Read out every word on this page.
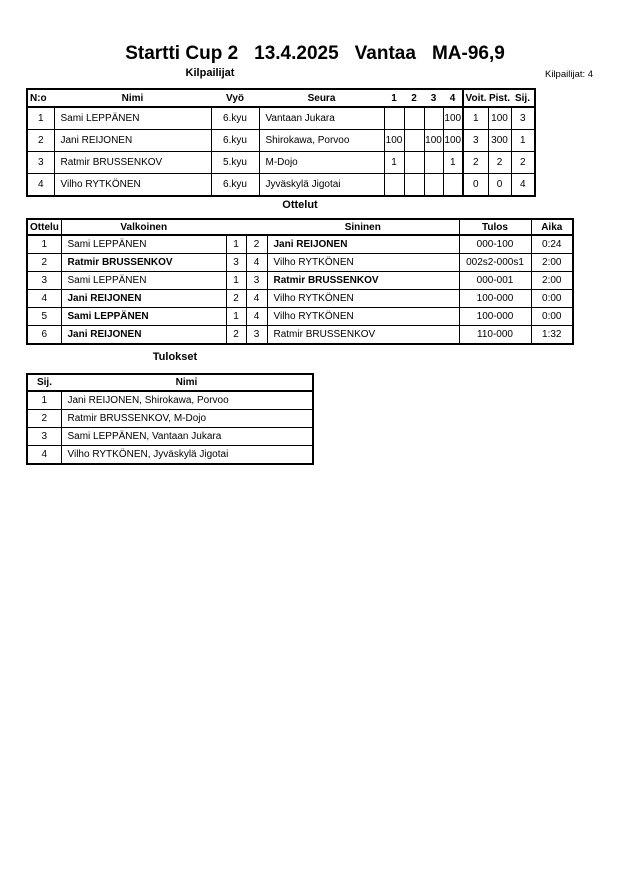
Startti Cup 2 13.4.2025 Vantaa MA-96,9
Kilpailijat	Kilpailijat: 4
N:o	Nimi	Vyö	Seura	1	2	3	4	Voit.	Pist.	Sij.
1	Sami LEPPÄNEN	6.kyu	Vantaan Jukara				100	1	100	3
2	Jani REIJONEN	6.kyu	Shirokawa, Porvoo	100		100	100	3	300	1
3	Ratmir BRUSSENKOV	5.kyu	M-Dojo	1			1	2	2	2
4	Vilho RYTKÖNEN	6.kyu	Jyväskylä Jigotai					0	0	4
Ottelut
Ottelu	Valkoinen			Sininen	Tulos	Aika
1	Sami LEPPÄNEN	1	2	Jani REIJONEN	000-100	0:24
2	Ratmir BRUSSENKOV	3	4	Vilho RYTKÖNEN	002s2-000s1	2:00
3	Sami LEPPÄNEN	1	3	Ratmir BRUSSENKOV	000-001	2:00
4	Jani REIJONEN	2	4	Vilho RYTKÖNEN	100-000	0:00
5	Sami LEPPÄNEN	1	4	Vilho RYTKÖNEN	100-000	0:00
6	Jani REIJONEN	2	3	Ratmir BRUSSENKOV	110-000	1:32
Tulokset
Sij.	Nimi
1	Jani REIJONEN, Shirokawa, Porvoo
2	Ratmir BRUSSENKOV, M-Dojo
3	Sami LEPPÄNEN, Vantaan Jukara
4	Vilho RYTKÖNEN, Jyväskylä Jigotai
